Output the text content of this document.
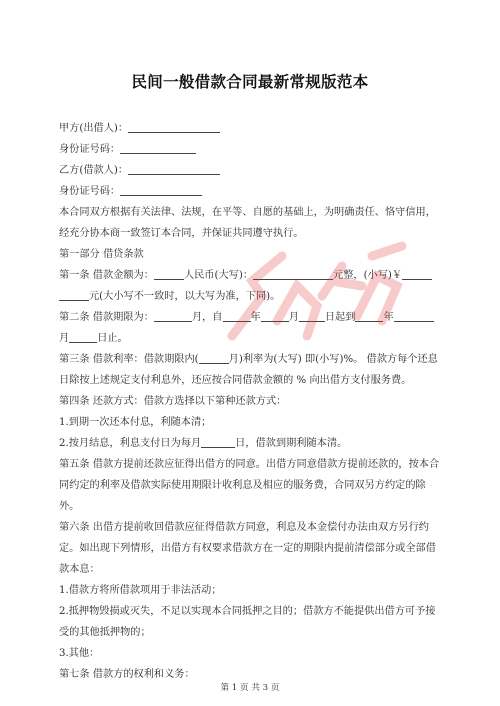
民间一般借款合同最新常规版范本

甲方(出借人)：

身份证号码：

乙方(借款人)：

身份证号码：

本合同双方根据有关法律、法规，在平等、自愿的基础上，为明确责任、恪守信用，经充分协本商一致签订本合同，并保证共同遵守执行。

第一部分 借贷条款

第一条 借款金额为：	人民币(大写)：	元整，(小写)￥元(大小写不一致时，以大写为准，下同)。

第二条 借款期限为：	月，自	年	月	日起到	年月	日止。

第三条 借款利率：借款期限内(	月)利率为(大写) 即(小写)%。 借款方每个还息日除按上述规定支付利息外，还应按合同借款金额的 % 向出借方支付服务费。

第四条 还款方式：借款方选择以下第种还款方式：

1.到期一次还本付息，利随本清；

2.按月结息，利息支付日为每月	日，借款到期利随本清。

第五条 借款方提前还款应征得出借方的同意。出借方同意借款方提前还款的，按本合同约定的利率及借款实际使用期限计收利息及相应的服务费，合同双另方约定的除外。

第六条 出借方提前收回借款应征得借款方同意，利息及本金偿付办法由双方另行约定。如出现下列情形，出借方有权要求借款方在一定的期限内提前清偿部分或全部借款本息：

1.借款方将所借款项用于非法活动；

2.抵押物毁损或灭失，不足以实现本合同抵押之目的；借款方不能提供出借方可予接受的其他抵押物的；

3.其他：

第七条 借款方的权利和义务：

第 1 页 共 3 页
